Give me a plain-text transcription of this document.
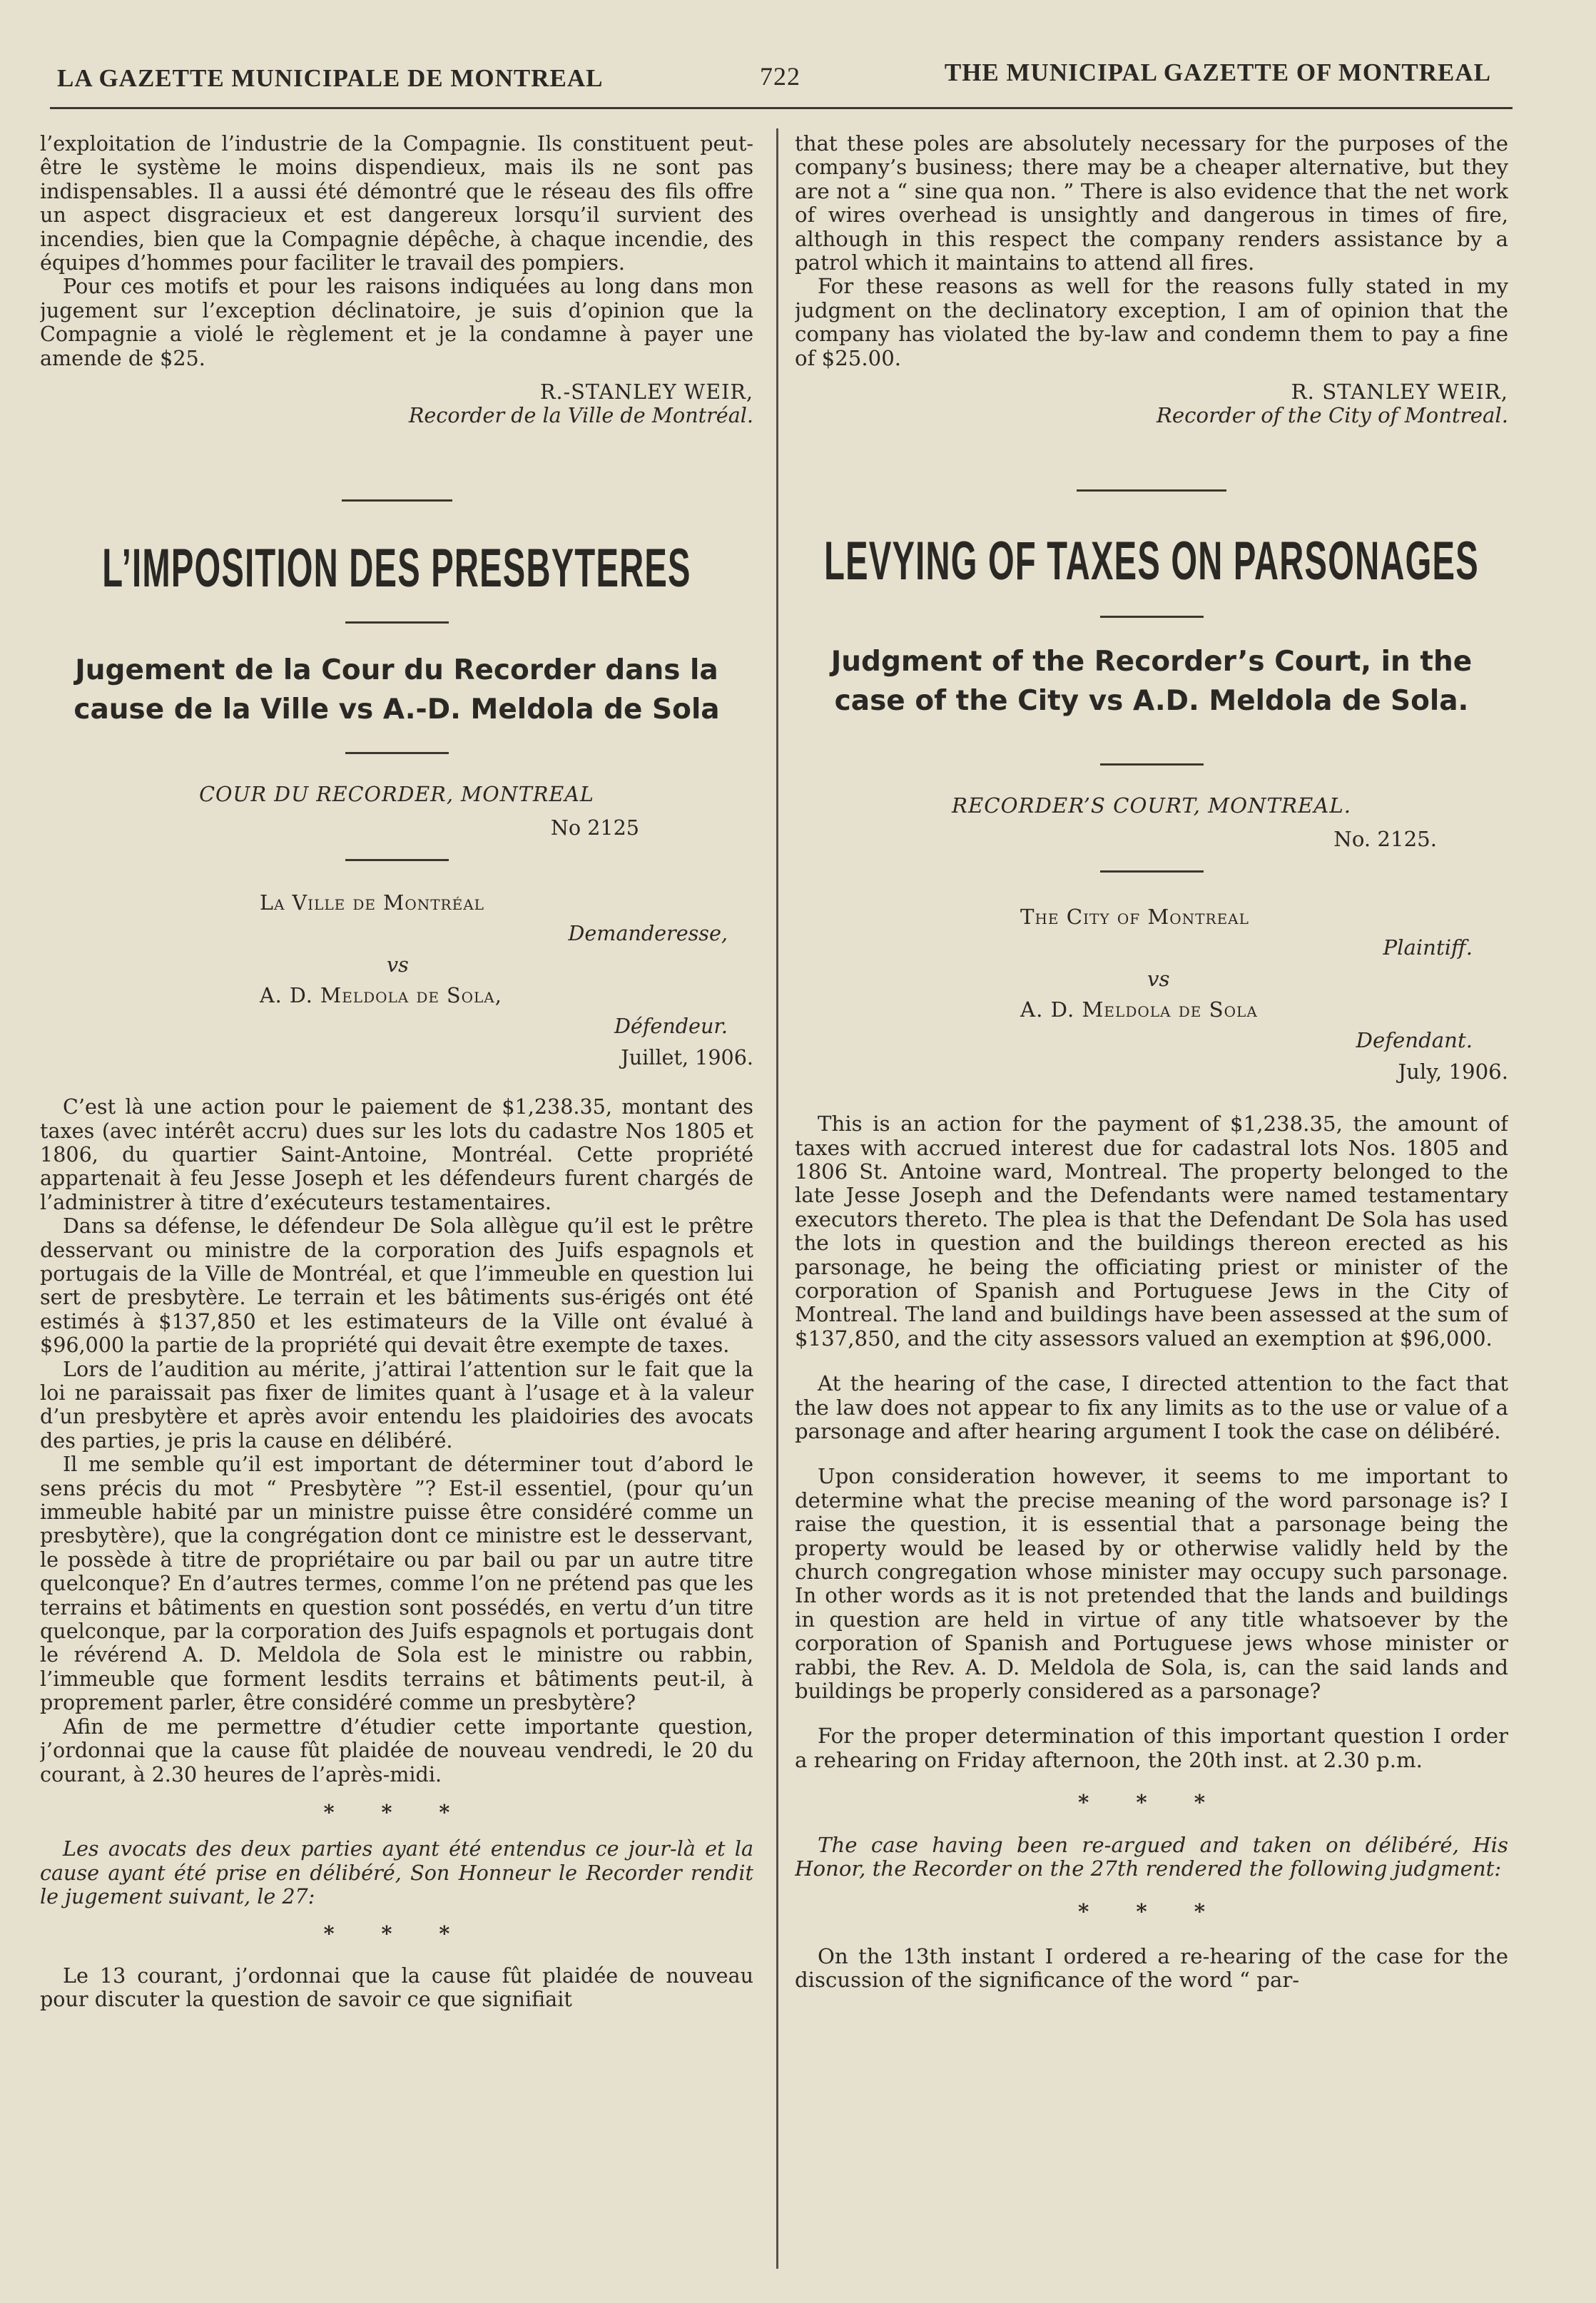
LA GAZETTE MUNICIPALE DE MONTREAL	722	THE MUNICIPAL GAZETTE OF MONTREAL

l’exploitation de l’industrie de la Compagnie. Ils constituent peut-être le système le moins dispendieux, mais ils ne sont pas indispensables. Il a aussi été démontré que le réseau des fils offre un aspect disgracieux et est dangereux lorsqu’il survient des incendies, bien que la Compagnie dépêche, à chaque incendie, des équipes d’hommes pour faciliter le travail des pompiers.

Pour ces motifs et pour les raisons indiquées au long dans mon jugement sur l’exception déclinatoire, je suis d’opinion que la Compagnie a violé le règlement et je la condamne à payer une amende de $25.

R.-STANLEY WEIR,
Recorder de la Ville de Montréal.
L’IMPOSITION DES PRESBYTERES
Jugement de la Cour du Recorder dans la cause de la Ville vs A.-D. Meldola de Sola
COUR DU RECORDER, MONTREAL
No 2125
La Ville de Montréal
Demanderesse,
vs
A. D. Meldola de Sola,
Défendeur.
Juillet, 1906.

C’est là une action pour le paiement de $1,238.35, montant des taxes (avec intérêt accru) dues sur les lots du cadastre Nos 1805 et 1806, du quartier Saint-Antoine, Montréal. Cette propriété appartenait à feu Jesse Joseph et les défendeurs furent chargés de l’administrer à titre d’exécuteurs testamentaires.

Dans sa défense, le défendeur De Sola allègue qu’il est le prêtre desservant ou ministre de la corporation des Juifs espagnols et portugais de la Ville de Montréal, et que l’immeuble en question lui sert de presbytère. Le terrain et les bâtiments sus-érigés ont été estimés à $137,850 et les estimateurs de la Ville ont évalué à $96,000 la partie de la propriété qui devait être exempte de taxes.

Lors de l’audition au mérite, j’attirai l’attention sur le fait que la loi ne paraissait pas fixer de limites quant à l’usage et à la valeur d’un presbytère et après avoir entendu les plaidoiries des avocats des parties, je pris la cause en délibéré.

Il me semble qu’il est important de déterminer tout d’abord le sens précis du mot “ Presbytère ”? Est-il essentiel, (pour qu’un immeuble habité par un ministre puisse être considéré comme un presbytère), que la congrégation dont ce ministre est le desservant, le possède à titre de propriétaire ou par bail ou par un autre titre quelconque? En d’autres termes, comme l’on ne prétend pas que les terrains et bâtiments en question sont possédés, en vertu d’un titre quelconque, par la corporation des Juifs espagnols et portugais dont le révérend A. D. Meldola de Sola est le ministre ou rabbin, l’immeuble que forment lesdits terrains et bâtiments peut-il, à proprement parler, être considéré comme un presbytère?

Afin de me permettre d’étudier cette importante question, j’ordonnai que la cause fût plaidée de nouveau vendredi, le 20 du courant, à 2.30 heures de l’après-midi.

* * *

Les avocats des deux parties ayant été entendus ce jour-là et la cause ayant été prise en délibéré, Son Honneur le Recorder rendit le jugement suivant, le 27:

* * *

Le 13 courant, j’ordonnai que la cause fût plaidée de nouveau pour discuter la question de savoir ce que signifiait

that these poles are absolutely necessary for the purposes of the company’s business; there may be a cheaper alternative, but they are not a “ sine qua non. ” There is also evidence that the net work of wires overhead is unsightly and dangerous in times of fire, although in this respect the company renders assistance by a patrol which it maintains to attend all fires.

For these reasons as well for the reasons fully stated in my judgment on the declinatory exception, I am of opinion that the company has violated the by-law and condemn them to pay a fine of $25.00.

R. STANLEY WEIR,
Recorder of the City of Montreal.
LEVYING OF TAXES ON PARSONAGES
Judgment of the Recorder’s Court, in the case of the City vs A.D. Meldola de Sola.
RECORDER’S COURT, MONTREAL.
No. 2125.
The City of Montreal
Plaintiff.
vs
A. D. Meldola de Sola
Defendant.
July, 1906.

This is an action for the payment of $1,238.35, the amount of taxes with accrued interest due for cadastral lots Nos. 1805 and 1806 St. Antoine ward, Montreal. The property belonged to the late Jesse Joseph and the Defendants were named testamentary executors thereto. The plea is that the Defendant De Sola has used the lots in question and the buildings thereon erected as his parsonage, he being the officiating priest or minister of the corporation of Spanish and Portuguese Jews in the City of Montreal. The land and buildings have been assessed at the sum of $137,850, and the city assessors valued an exemption at $96,000.

At the hearing of the case, I directed attention to the fact that the law does not appear to fix any limits as to the use or value of a parsonage and after hearing argument I took the case on délibéré.

Upon consideration however, it seems to me important to determine what the precise meaning of the word parsonage is? I raise the question, it is essential that a parsonage being the property would be leased by or otherwise validly held by the church congregation whose minister may occupy such parsonage. In other words as it is not pretended that the lands and buildings in question are held in virtue of any title whatsoever by the corporation of Spanish and Portuguese jews whose minister or rabbi, the Rev. A. D. Meldola de Sola, is, can the said lands and buildings be properly considered as a parsonage?

For the proper determination of this important question I order a rehearing on Friday afternoon, the 20th inst. at 2.30 p.m.

* * *

The case having been re-argued and taken on délibéré, His Honor, the Recorder on the 27th rendered the following judgment:

* * *

On the 13th instant I ordered a re-hearing of the case for the discussion of the significance of the word “ par-
